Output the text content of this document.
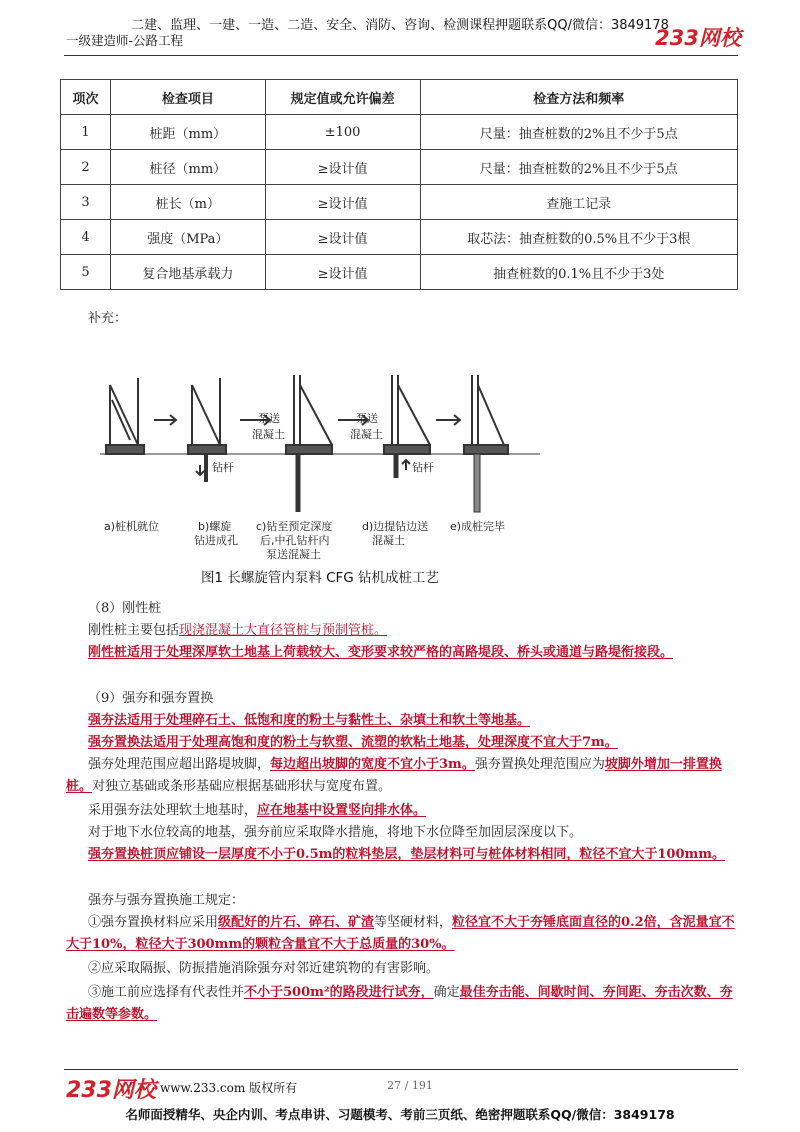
二建、监理、一建、一造、二造、安全、消防、咨询、检测课程押题联系QQ/微信：3849178
一级建造师-公路工程	233网校
项次	检查项目	规定值或允许偏差	检查方法和频率
1	桩距（mm）	±100	尺量：抽查桩数的2%且不少于5点
2	桩径（mm）	≥设计值	尺量：抽查桩数的2%且不少于5点
3	桩长（m）	≥设计值	查施工记录
4	强度（MPa）	≥设计值	取芯法：抽查桩数的0.5%且不少于3根
5	复合地基承载力	≥设计值	抽查桩数的0.1%且不少于3处
补充：
钻杆	钻杆
泵送
混凝土
泵送
混凝土
a)桩机就位	b)螺旋
钻进成孔
c)钻至预定深度
后,中孔钻杆内
泵送混凝土
d)边提钻边送
混凝土
e)成桩完毕
图1 长螺旋管内泵料 CFG 钻机成桩工艺
（8）刚性桩
刚性桩主要包括现浇混凝土大直径管桩与预制管桩。
刚性桩适用于处理深厚软土地基上荷载较大、变形要求较严格的高路堤段、桥头或通道与路堤衔接段。
（9）强夯和强夯置换
强夯法适用于处理碎石土、低饱和度的粉土与黏性土、杂填土和软土等地基。
强夯置换法适用于处理高饱和度的粉土与软塑、流塑的软粘土地基，处理深度不宜大于7m。
强夯处理范围应超出路堤坡脚，每边超出坡脚的宽度不宜小于3m。强夯置换处理范围应为坡脚外增加一排置换桩。对独立基础或条形基础应根据基础形状与宽度布置。
采用强夯法处理软土地基时，应在地基中设置竖向排水体。
对于地下水位较高的地基，强夯前应采取降水措施，将地下水位降至加固层深度以下。
强夯置换桩顶应铺设一层厚度不小于0.5m的粒料垫层，垫层材料可与桩体材料相同，粒径不宜大于100mm。
强夯与强夯置换施工规定：
①强夯置换材料应采用级配好的片石、碎石、矿渣等坚硬材料，粒径宜不大于夯锤底面直径的0.2倍，含泥量宜不大于10%，粒径大于300mm的颗粒含量宜不大于总质量的30%。
②应采取隔振、防振措施消除强夯对邻近建筑物的有害影响。
③施工前应选择有代表性并不小于500m²的路段进行试夯，确定最佳夯击能、间歇时间、夯间距、夯击次数、夯击遍数等参数。
233网校 www.233.com 版权所有	27 / 191
名师面授精华、央企内训、考点串讲、习题模考、考前三页纸、绝密押题联系QQ/微信：3849178
